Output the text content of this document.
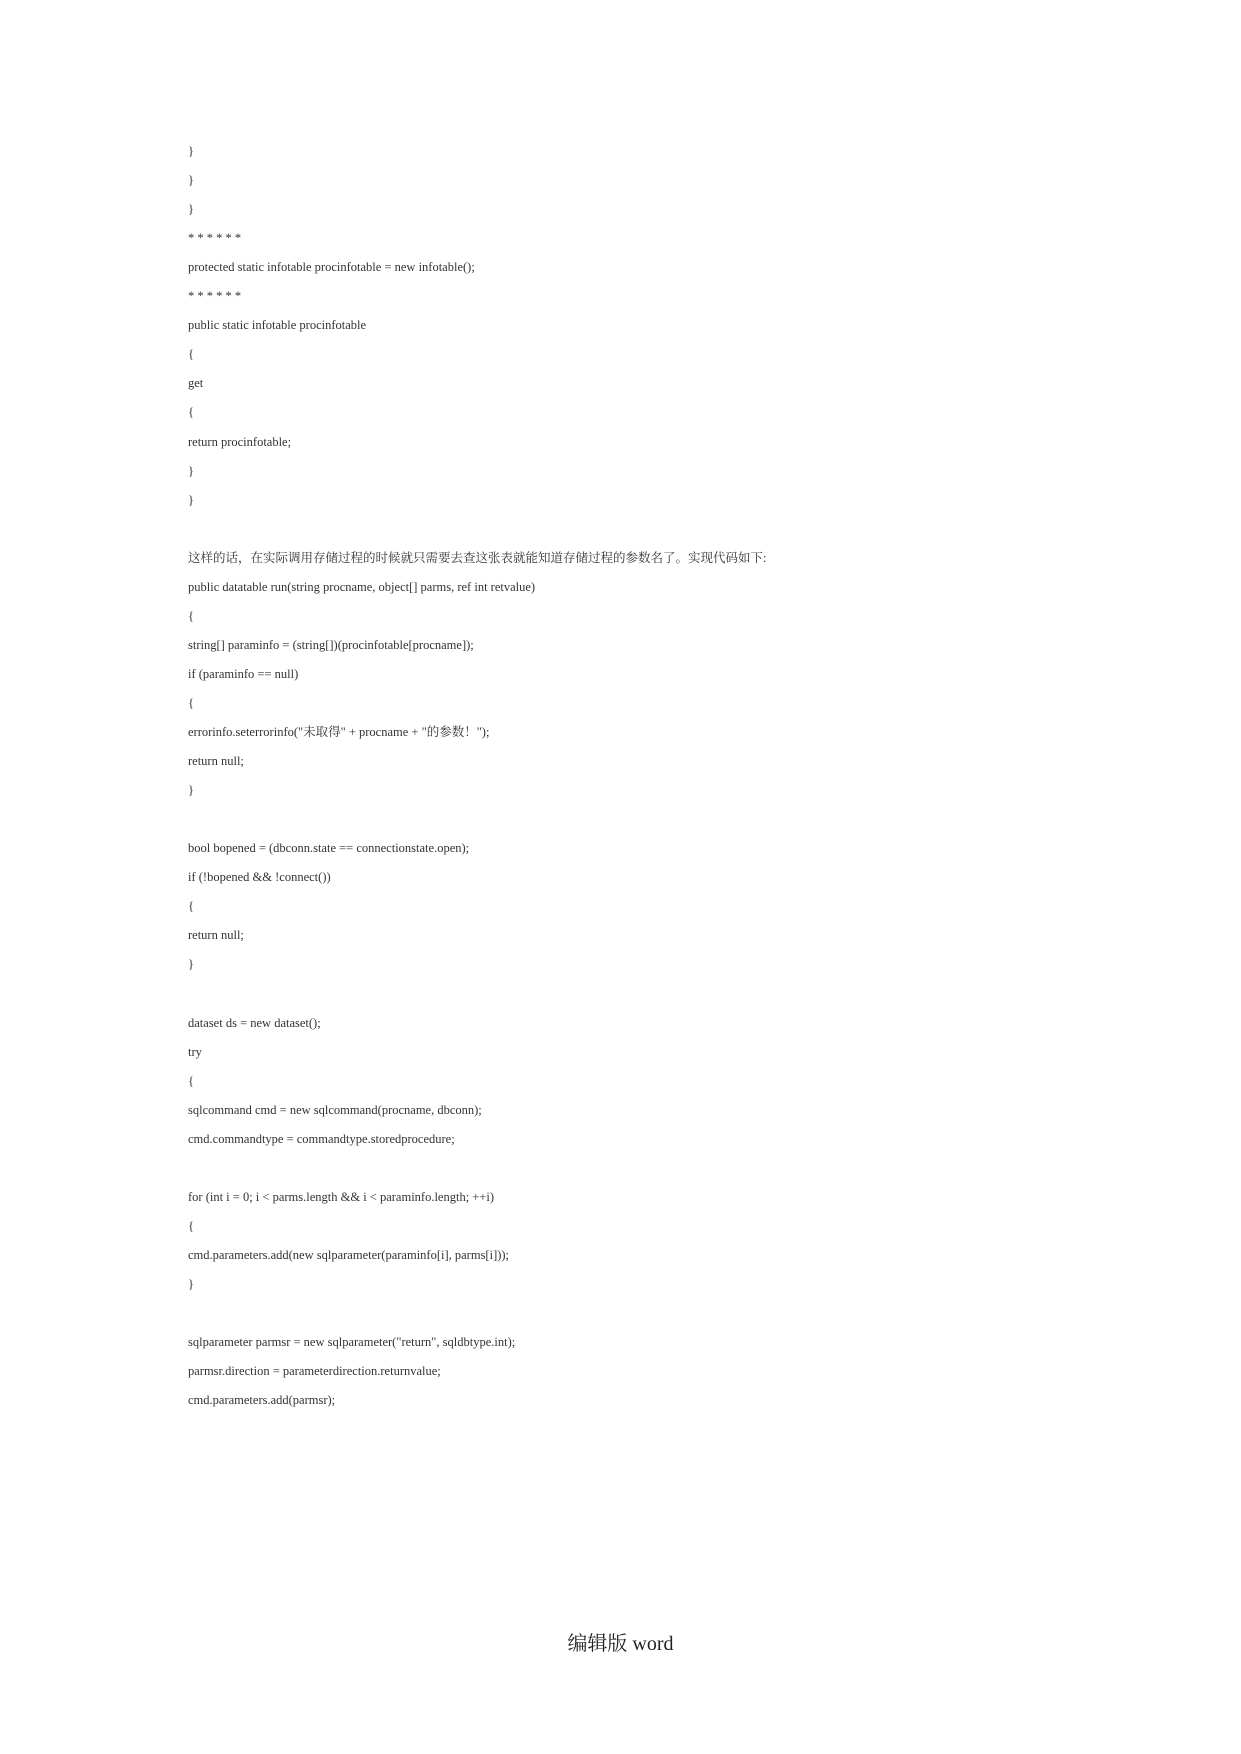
}
}
}
* * * * * *
protected static infotable procinfotable = new infotable();
* * * * * *
public static infotable procinfotable
{
get
{
return procinfotable;
}
}
这样的话，在实际调用存储过程的时候就只需要去查这张表就能知道存储过程的参数名了。实现代码如下:
public datatable run(string procname, object[] parms, ref int retvalue)
{
string[] paraminfo = (string[])(procinfotable[procname]);
if (paraminfo == null)
{
errorinfo.seterrorinfo("未取得" + procname + "的参数！");
return null;
}
bool bopened = (dbconn.state == connectionstate.open);
if (!bopened && !connect())
{
return null;
}
dataset ds = new dataset();
try
{
sqlcommand cmd = new sqlcommand(procname, dbconn);
cmd.commandtype = commandtype.storedprocedure;
for (int i = 0; i < parms.length && i < paraminfo.length; ++i)
{
cmd.parameters.add(new sqlparameter(paraminfo[i], parms[i]));
}
sqlparameter parmsr = new sqlparameter("return", sqldbtype.int);
parmsr.direction = parameterdirection.returnvalue;
cmd.parameters.add(parmsr);
编辑版 word
